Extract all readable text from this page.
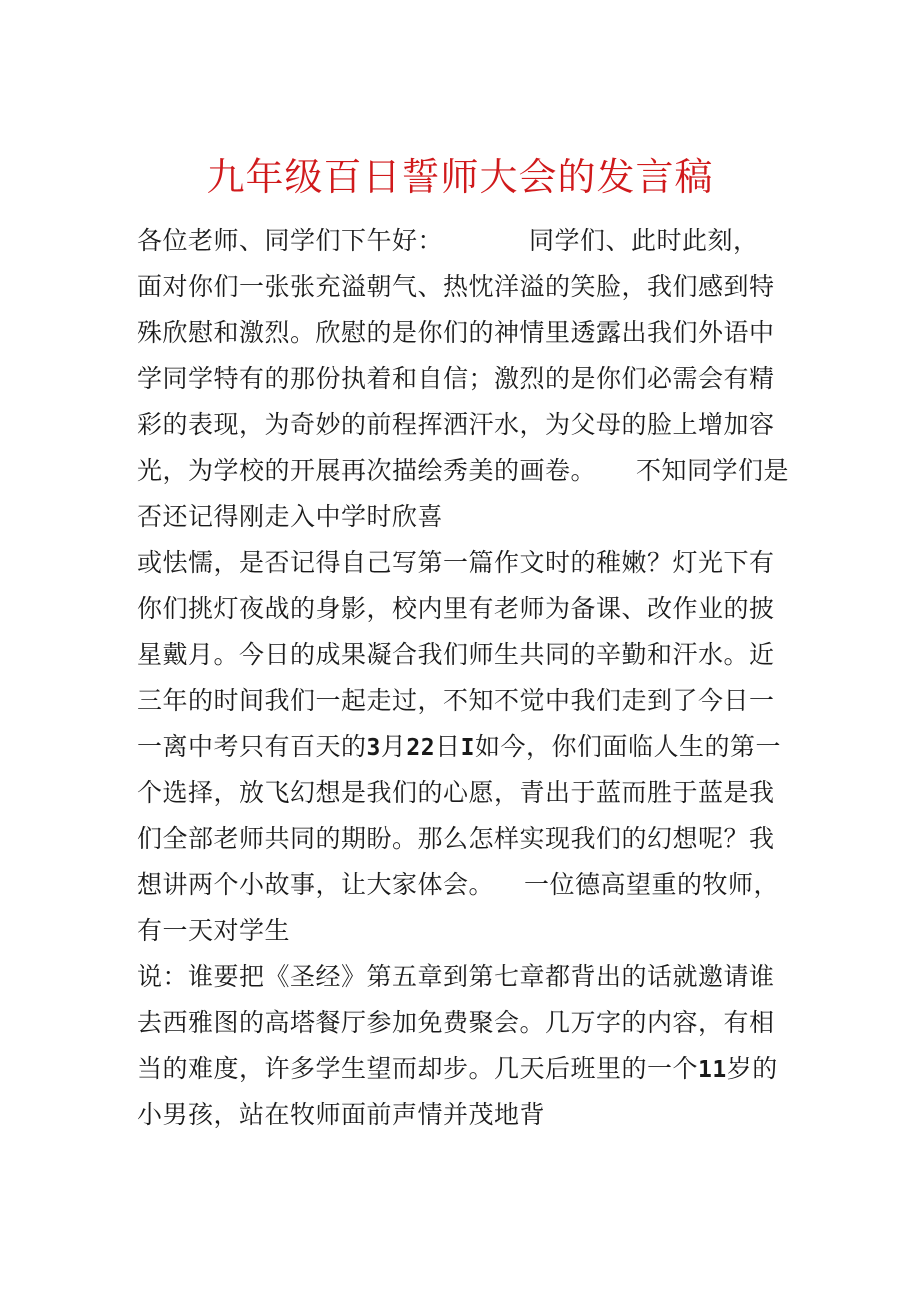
九年级百日誓师大会的发言稿
各位老师、同学们下午好：	同学们、此时此刻，
面对你们一张张充溢朝气、热忱洋溢的笑脸，我们感到特
殊欣慰和激烈。欣慰的是你们的神情里透露出我们外语中
学同学特有的那份执着和自信；激烈的是你们必需会有精
彩的表现，为奇妙的前程挥洒汗水，为父母的脸上增加容
光，为学校的开展再次描绘秀美的画卷。 不知同学们是
否还记得刚走入中学时欣喜
或怯懦，是否记得自己写第一篇作文时的稚嫩？灯光下有
你们挑灯夜战的身影，校内里有老师为备课、改作业的披
星戴月。今日的成果凝合我们师生共同的辛勤和汗水。近
三年的时间我们一起走过，不知不觉中我们走到了今日一
一离中考只有百天的3月22日I如今，你们面临人生的第一
个选择，放飞幻想是我们的心愿，青出于蓝而胜于蓝是我
们全部老师共同的期盼。那么怎样实现我们的幻想呢？我
想讲两个小故事，让大家体会。 一位德高望重的牧师，
有一天对学生
说：谁要把《圣经》第五章到第七章都背出的话就邀请谁
去西雅图的高塔餐厅参加免费聚会。几万字的内容，有相
当的难度，许多学生望而却步。几天后班里的一个11岁的
小男孩，站在牧师面前声情并茂地背
